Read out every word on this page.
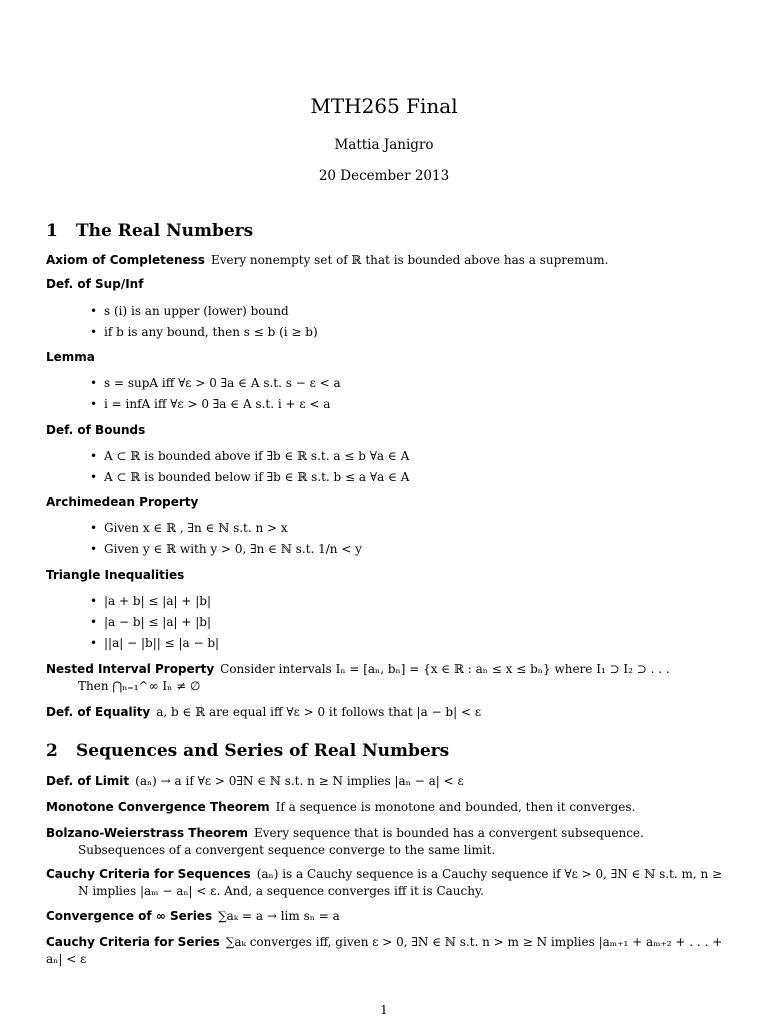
MTH265 Final
Mattia Janigro
20 December 2013
1 The Real Numbers
Axiom of Completeness Every nonempty set of ℝ that is bounded above has a supremum.
Def. of Sup/Inf
• s (i) is an upper (lower) bound
• if b is any bound, then s ≤ b (i ≥ b)
Lemma
• s = supA iff ∀ε > 0 ∃a ∈ A s.t. s − ε < a
• i = infA iff ∀ε > 0 ∃a ∈ A s.t. i + ε < a
Def. of Bounds
• A ⊂ ℝ is bounded above if ∃b ∈ ℝ s.t. a ≤ b ∀a ∈ A
• A ⊂ ℝ is bounded below if ∃b ∈ ℝ s.t. b ≤ a ∀a ∈ A
Archimedean Property
• Given x ∈ ℝ , ∃n ∈ ℕ s.t. n > x
• Given y ∈ ℝ with y > 0, ∃n ∈ ℕ s.t. 1/n < y
Triangle Inequalities
• |a + b| ≤ |a| + |b|
• |a − b| ≤ |a| + |b|
• ||a| − |b|| ≤ |a − b|
Nested Interval Property Consider intervals Iₙ = [aₙ, bₙ] = {x ∈ ℝ : aₙ ≤ x ≤ bₙ} where I₁ ⊃ I₂ ⊃ . . .
Then ⋂ₙ₌₁^∞ Iₙ ≠ ∅
Def. of Equality a, b ∈ ℝ are equal iff ∀ε > 0 it follows that |a − b| < ε
2 Sequences and Series of Real Numbers
Def. of Limit (aₙ) → a if ∀ε > 0∃N ∈ ℕ s.t. n ≥ N implies |aₙ − a| < ε
Monotone Convergence Theorem If a sequence is monotone and bounded, then it converges.
Bolzano-Weierstrass Theorem Every sequence that is bounded has a convergent subsequence. Subsequences of a convergent sequence converge to the same limit.
Cauchy Criteria for Sequences (aₙ) is a Cauchy sequence is a Cauchy sequence if ∀ε > 0, ∃N ∈ ℕ s.t. m, n ≥ N implies |aₘ − aₙ| < ε. And, a sequence converges iff it is Cauchy.
Convergence of ∞ Series ∑aₖ = a → lim sₙ = a
Cauchy Criteria for Series ∑aₖ converges iff, given ε > 0, ∃N ∈ ℕ s.t. n > m ≥ N implies |aₘ₊₁ + aₘ₊₂ + . . . + aₙ| < ε
1
